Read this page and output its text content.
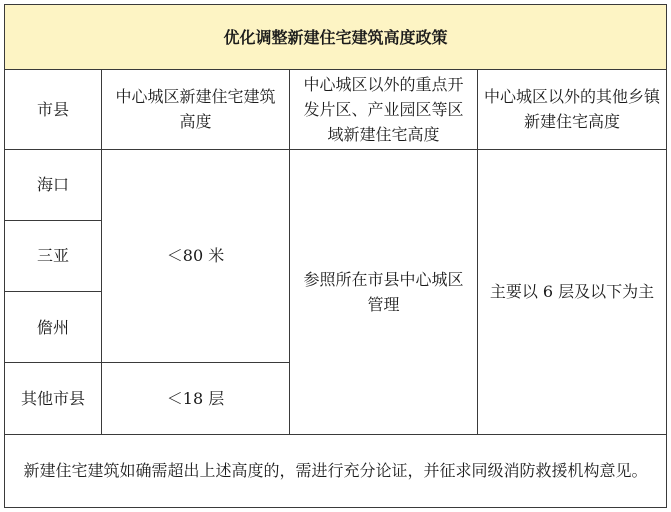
优化调整新建住宅建筑高度政策			
市县	中心城区新建住宅建筑高度	中心城区以外的重点开发片区、产业园区等区域新建住宅高度	中心城区以外的其他乡镇新建住宅高度
海口	＜80 米	参照所在市县中心城区管理	主要以 6 层及以下为主
三亚			
儋州			
其他市县	＜18 层		
新建住宅建筑如确需超出上述高度的，需进行充分论证，并征求同级消防救援机构意见。			
